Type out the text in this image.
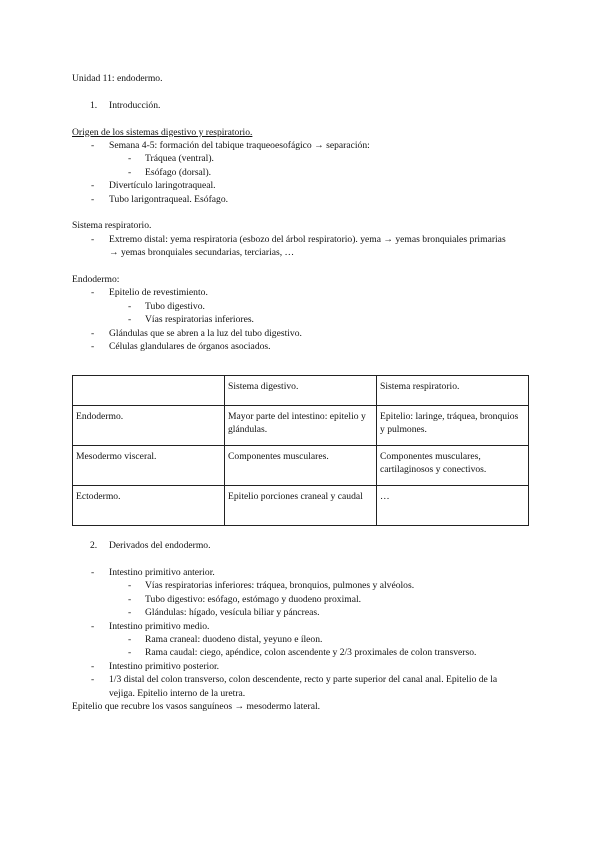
Unidad 11: endodermo.
1. Introducción.
Origen de los sistemas digestivo y respiratorio.
- Semana 4-5: formación del tabique traqueoesofágico → separación:
- Tráquea (ventral).
- Esófago (dorsal).
- Divertículo laringotraqueal.
- Tubo larigontraqueal. Esófago.
Sistema respiratorio.
- Extremo distal: yema respiratoria (esbozo del árbol respiratorio). yema → yemas bronquiales primarias
→ yemas bronquiales secundarias, terciarias, …
Endodermo:
- Epitelio de revestimiento.
- Tubo digestivo.
- Vías respiratorias inferiores.
- Glándulas que se abren a la luz del tubo digestivo.
- Células glandulares de órganos asociados.
	Sistema digestivo.	Sistema respiratorio.
Endodermo.	Mayor parte del intestino: epitelio y glándulas.	Epitelio: laringe, tráquea, bronquios y pulmones.
Mesodermo visceral.	Componentes musculares.	Componentes musculares, cartilaginosos y conectivos.
Ectodermo.	Epitelio porciones craneal y caudal	…
2. Derivados del endodermo.
- Intestino primitivo anterior.
- Vías respiratorias inferiores: tráquea, bronquios, pulmones y alvéolos.
- Tubo digestivo: esófago, estómago y duodeno proximal.
- Glándulas: hígado, vesícula biliar y páncreas.
- Intestino primitivo medio.
- Rama craneal: duodeno distal, yeyuno e íleon.
- Rama caudal: ciego, apéndice, colon ascendente y 2/3 proximales de colon transverso.
- Intestino primitivo posterior.
- 1/3 distal del colon transverso, colon descendente, recto y parte superior del canal anal. Epitelio de la
vejiga. Epitelio interno de la uretra.
Epitelio que recubre los vasos sanguíneos → mesodermo lateral.
